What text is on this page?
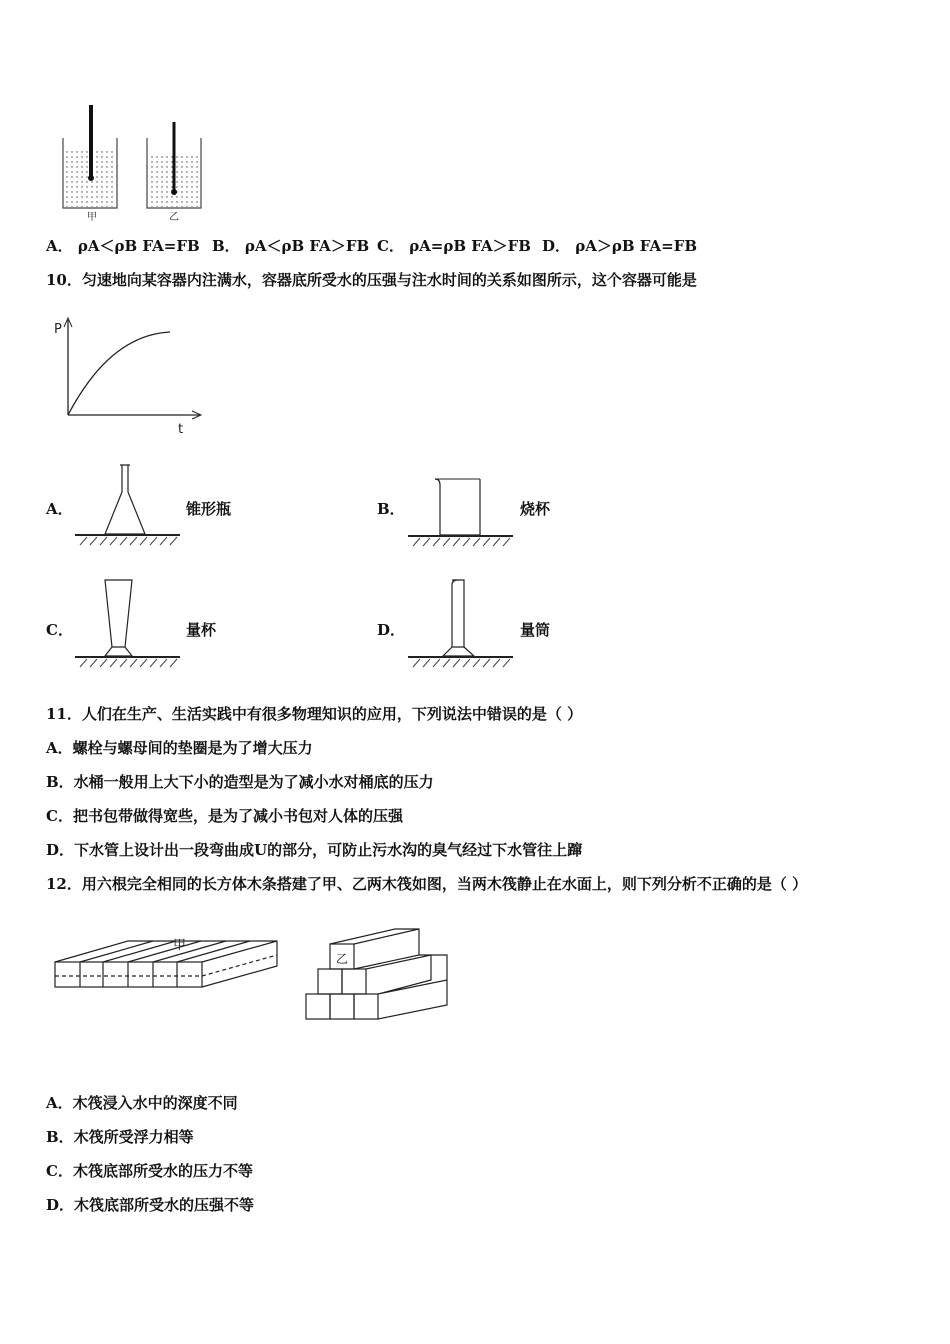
甲	乙
A． ρA＜ρB FA=FB B． ρA＜ρB FA＞FB C． ρA=ρB FA＞FB D． ρA＞ρB FA=FB
10．匀速地向某容器内注满水，容器底所受水的压强与注水时间的关系如图所示，这个容器可能是
P
t
A．	锥形瓶	B．	烧杯
C．	量杯	D．	量筒
11．人们在生产、生活实践中有很多物理知识的应用，下列说法中错误的是（ ）
A．螺栓与螺母间的垫圈是为了增大压力
B．水桶一般用上大下小的造型是为了减小水对桶底的压力
C．把书包带做得宽些，是为了减小书包对人体的压强
D．下水管上设计出一段弯曲成U的部分，可防止污水沟的臭气经过下水管往上蹿
12．用六根完全相同的长方体木条搭建了甲、乙两木筏如图，当两木筏静止在水面上，则下列分析不正确的是（ ）
甲
乙
A．木筏浸入水中的深度不同
B．木筏所受浮力相等
C．木筏底部所受水的压力不等
D．木筏底部所受水的压强不等
